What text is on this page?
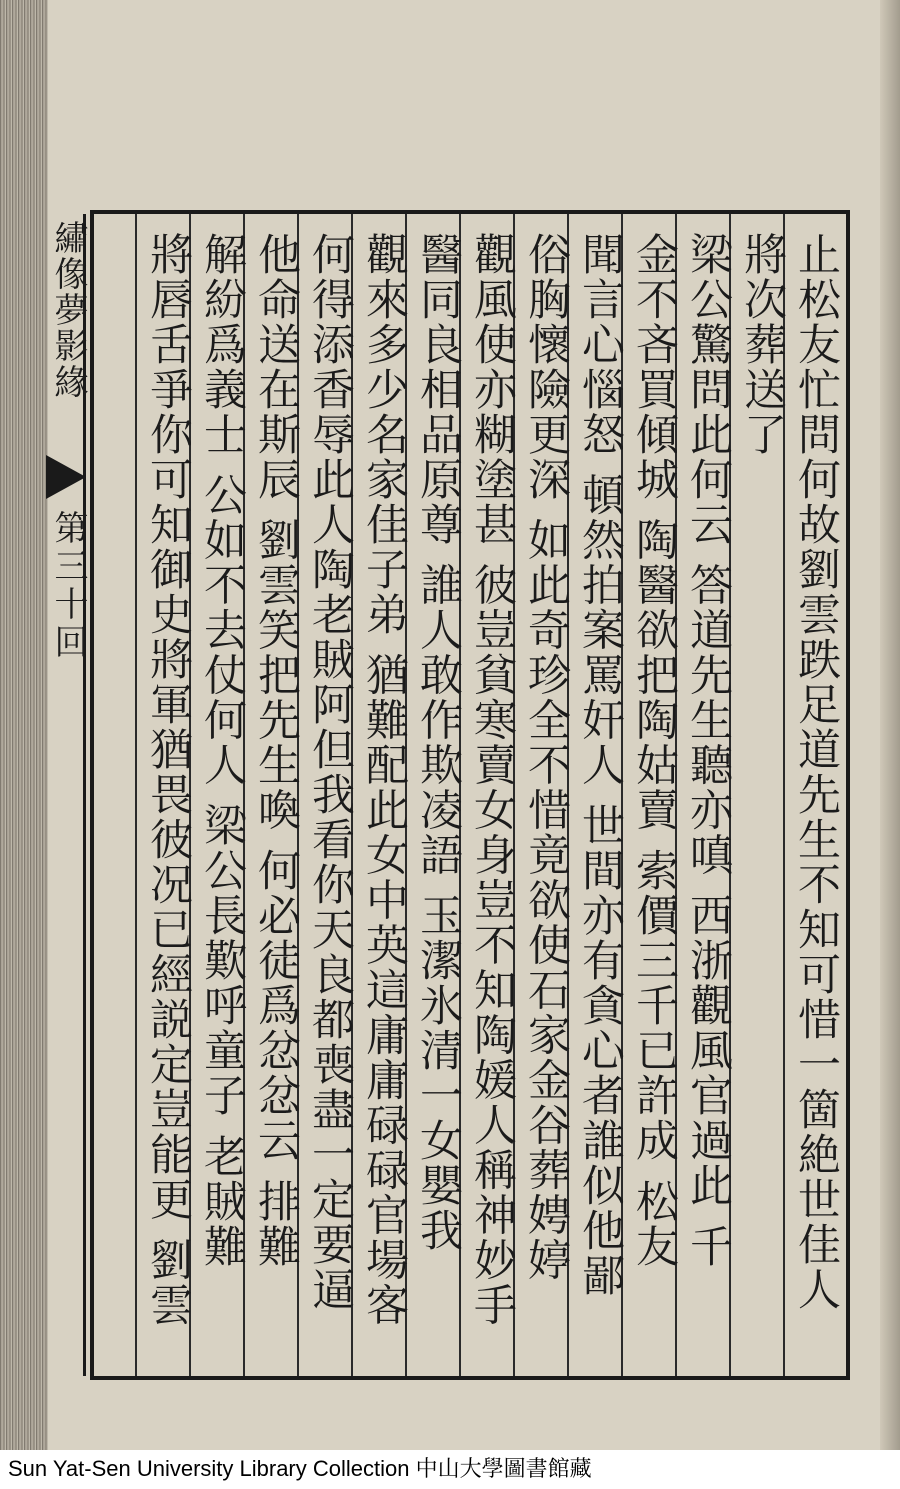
繡像夢影緣
第三十回	止松友忙問何故劉雲跌足道先生不知可惜一箇絶世佳人
將次葬送了
梁公驚問此何云 答道先生聽亦嗔 西浙觀風官過此 千
金不吝買傾城 陶醫欲把陶姑賣 索價三千已許成 松友
聞言心惱怒 頓然拍案罵奸人 世間亦有貪心者誰似他鄙
俗胸懷險更深 如此奇珍全不惜竟欲使石家金谷葬娉婷
觀風使亦糊塗甚 彼豈貧寒賣女身豈不知陶媛人稱神妙手
醫同良相品原尊 誰人敢作欺凌語 玉潔氷清一女嬰我
觀來多少名家佳子弟 猶難配此女中英這庸庸碌碌官場客
何得添香辱此人陶老賊阿但我看你天良都喪盡一定要逼
他命送在斯辰 劉雲笑把先生喚 何必徒爲忿忿云 排難
解紛爲義士 公如不去仗何人 梁公長歎呼童子 老賊難
將唇舌爭你可知御史將軍猶畏彼况已經説定豈能更 劉雲
Sun Yat-Sen University Library Collection 中山大學圖書館藏
